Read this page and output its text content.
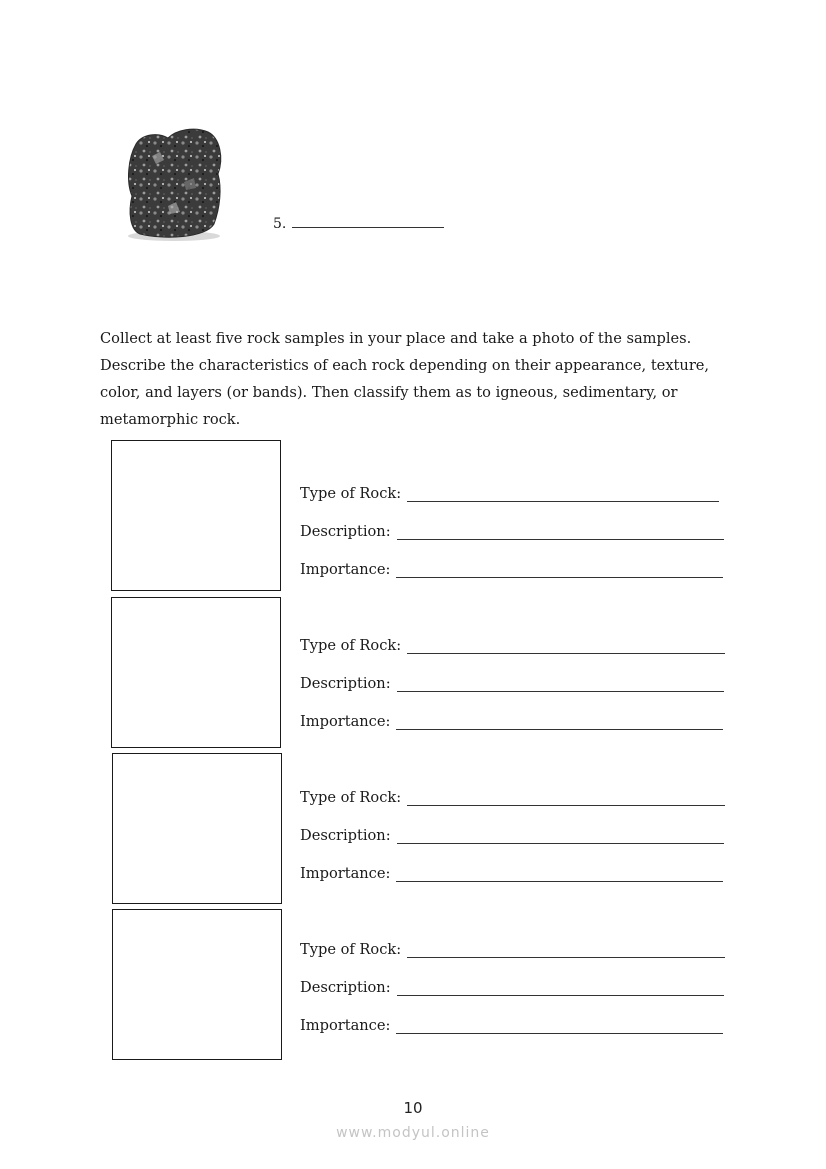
5.

Collect at least five rock samples in your place and take a photo of the samples.

Describe the characteristics of each rock depending on their appearance, texture,

color, and layers (or bands). Then classify them as to igneous, sedimentary, or

metamorphic rock.

Type of Rock:
Description:
Importance:
Type of Rock:
Description:
Importance:
Type of Rock:
Description:
Importance:
Type of Rock:
Description:
Importance:
10
www.modyul.online
